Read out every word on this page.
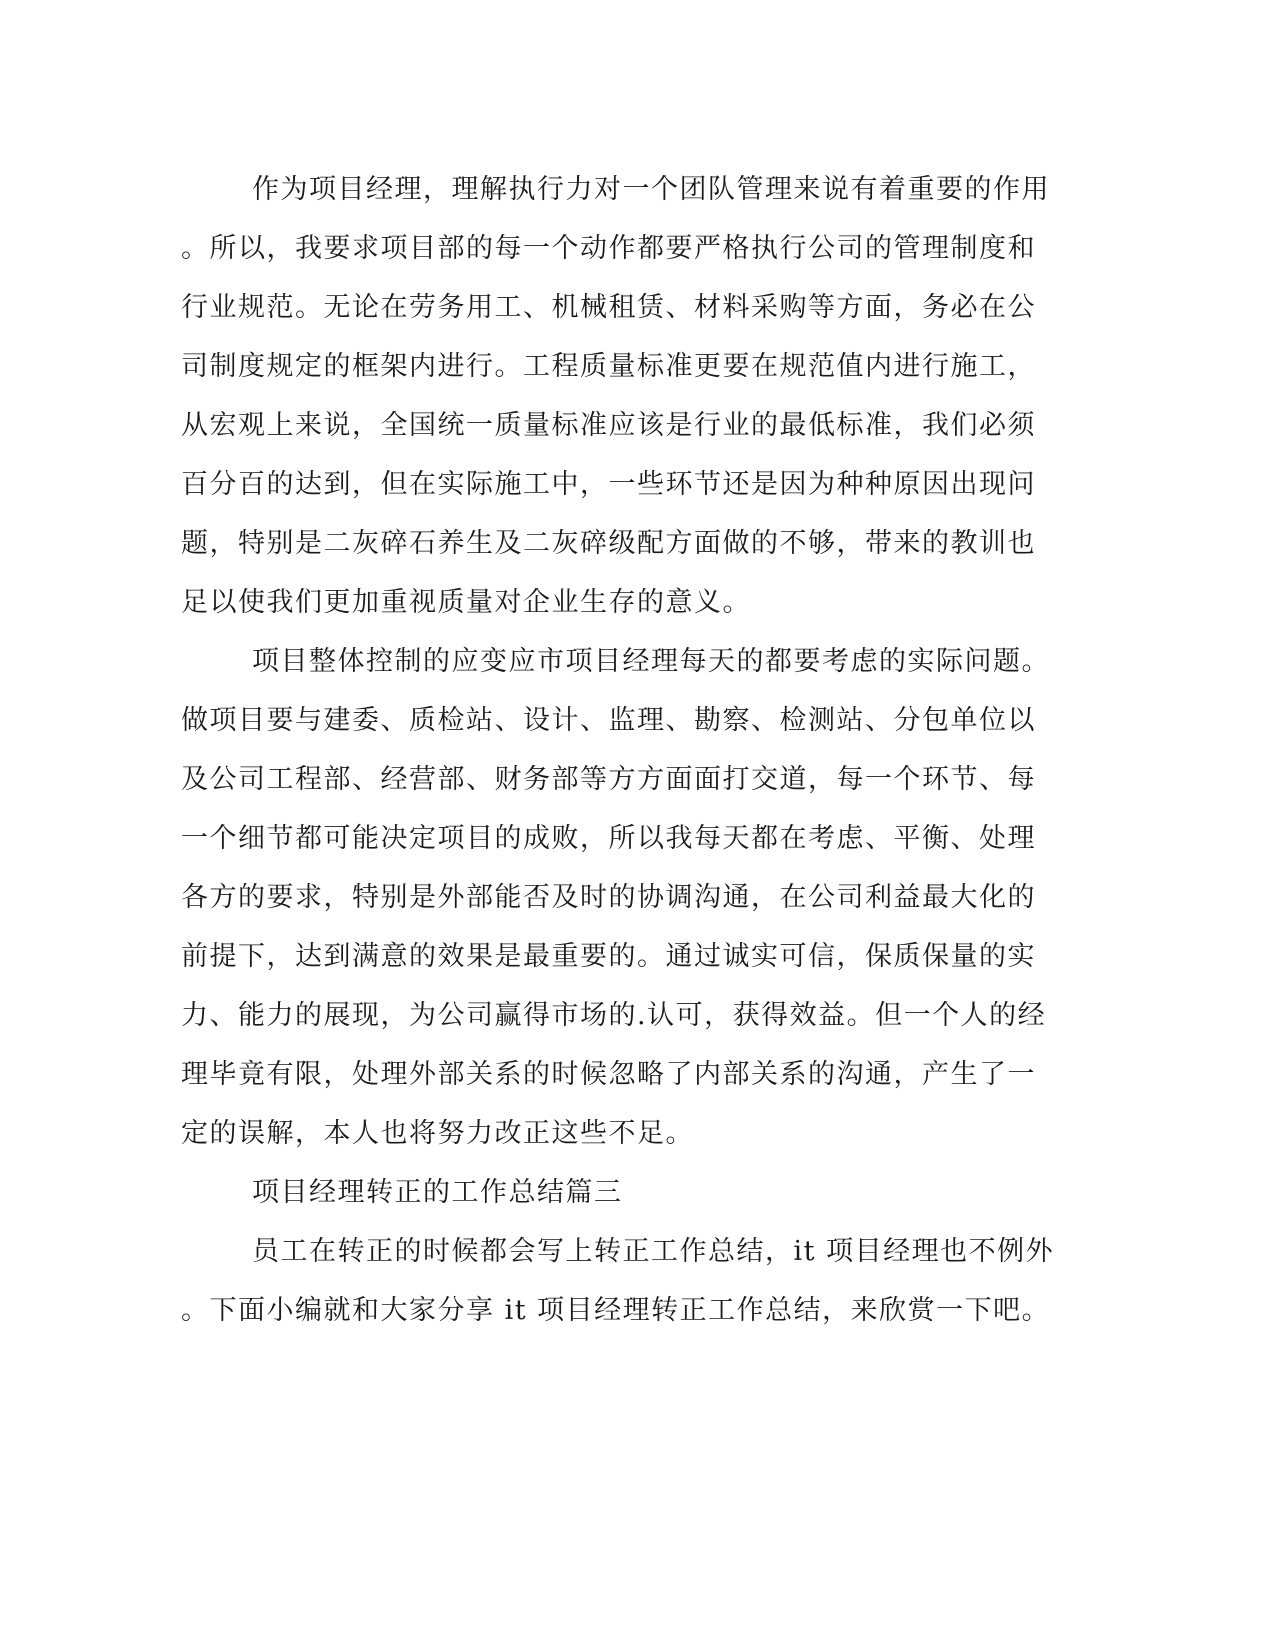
作为项目经理，理解执行力对一个团队管理来说有着重要的作用
。所以，我要求项目部的每一个动作都要严格执行公司的管理制度和
行业规范。无论在劳务用工、机械租赁、材料采购等方面，务必在公
司制度规定的框架内进行。工程质量标准更要在规范值内进行施工，
从宏观上来说，全国统一质量标准应该是行业的最低标准，我们必须
百分百的达到，但在实际施工中，一些环节还是因为种种原因出现问
题，特别是二灰碎石养生及二灰碎级配方面做的不够，带来的教训也
足以使我们更加重视质量对企业生存的意义。
项目整体控制的应变应市项目经理每天的都要考虑的实际问题。
做项目要与建委、质检站、设计、监理、勘察、检测站、分包单位以
及公司工程部、经营部、财务部等方方面面打交道，每一个环节、每
一个细节都可能决定项目的成败，所以我每天都在考虑、平衡、处理
各方的要求，特别是外部能否及时的协调沟通，在公司利益最大化的
前提下，达到满意的效果是最重要的。通过诚实可信，保质保量的实
力、能力的展现，为公司赢得市场的.认可，获得效益。但一个人的经
理毕竟有限，处理外部关系的时候忽略了内部关系的沟通，产生了一
定的误解，本人也将努力改正这些不足。
项目经理转正的工作总结篇三
员工在转正的时候都会写上转正工作总结，it 项目经理也不例外
。下面小编就和大家分享 it 项目经理转正工作总结，来欣赏一下吧。
